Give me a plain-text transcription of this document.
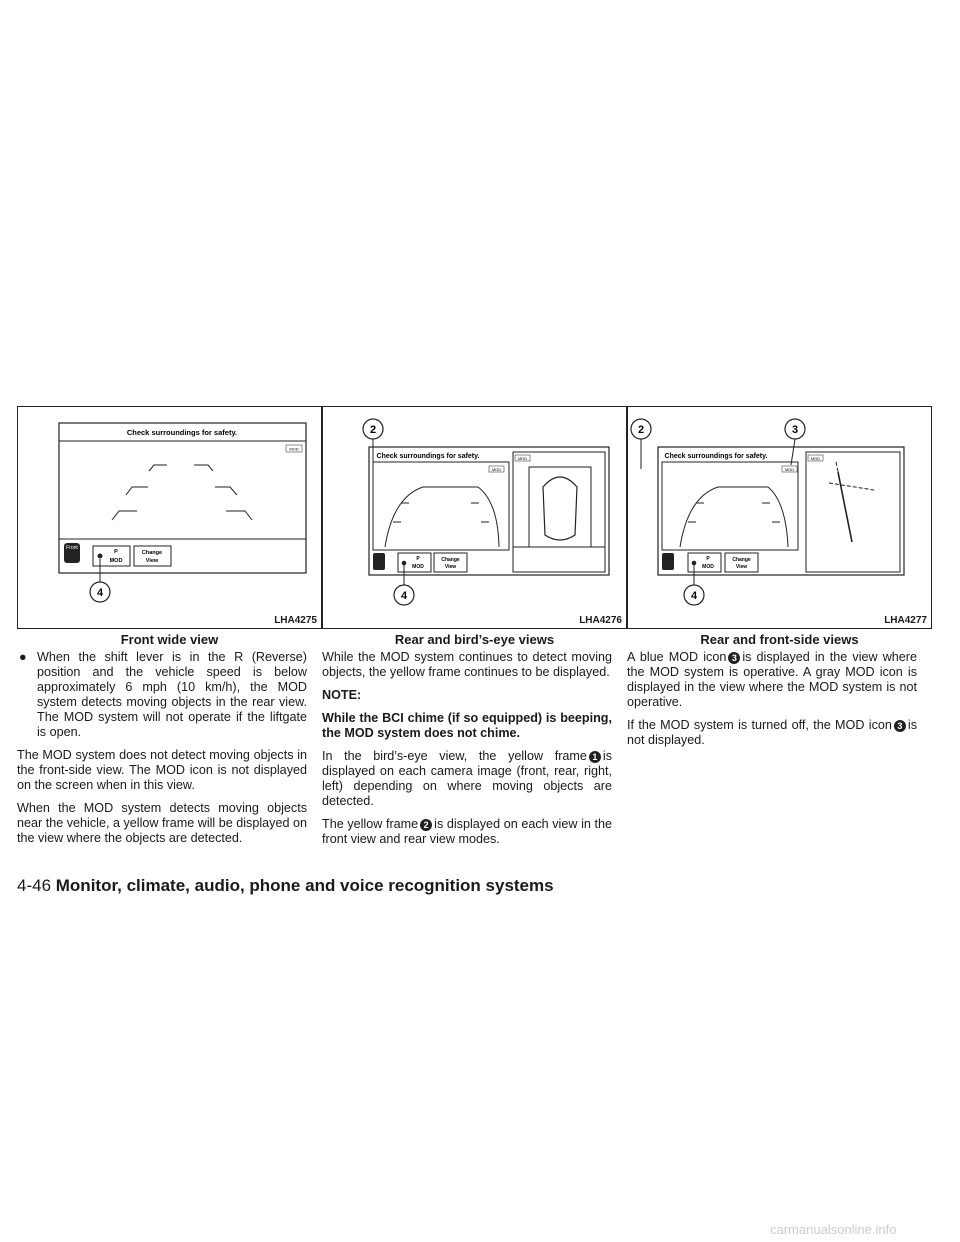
Check surroundings for safety.
MOD
Front
P
MOD
Change
View
4
LHA4275
Front wide view
2
Check surroundings for safety.
MOD
MOD
P
MOD
Change
View
4
LHA4276
Rear and bird’s-eye views
2	3
Check surroundings for safety.
MOD
MOD
P
MOD
Change
View
4
LHA4277
Rear and front-side views

● When the shift lever is in the R (Reverse) position and the vehicle speed is below approximately 6 mph (10 km/h), the MOD system detects moving objects in the rear view. The MOD system will not operate if the liftgate is open.

The MOD system does not detect moving objects in the front-side view. The MOD icon is not displayed on the screen when in this view.

When the MOD system detects moving objects near the vehicle, a yellow frame will be displayed on the view where the objects are detected.

While the MOD system continues to detect moving objects, the yellow frame continues to be displayed.

NOTE:

While the BCI chime (if so equipped) is beeping, the MOD system does not chime.

In the bird’s-eye view, the yellow frame 1 is displayed on each camera image (front, rear, right, left) depending on where moving objects are detected.

The yellow frame 2 is displayed on each view in the front view and rear view modes.

A blue MOD icon 3 is displayed in the view where the MOD system is operative. A gray MOD icon is displayed in the view where the MOD system is not operative.

If the MOD system is turned off, the MOD icon 3 is not displayed.

4-46 Monitor, climate, audio, phone and voice recognition systems
carmanualsonline.info
